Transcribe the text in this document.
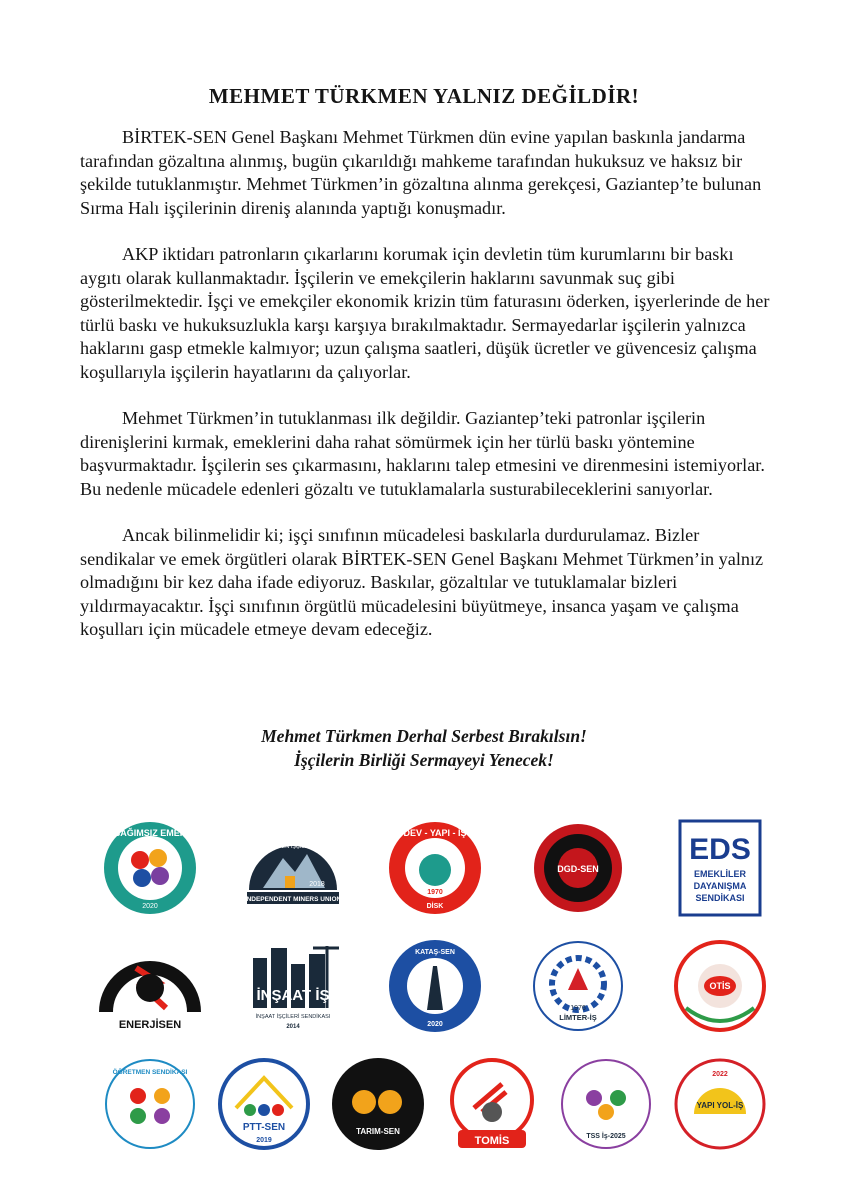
MEHMET TÜRKMEN YALNIZ DEĞİLDİR!

BİRTEK-SEN Genel Başkanı Mehmet Türkmen dün evine yapılan baskınla jandarma tarafından gözaltına alınmış, bugün çıkarıldığı mahkeme tarafından hukuksuz ve haksız bir şekilde tutuklanmıştır. Mehmet Türkmen’in gözaltına alınma gerekçesi, Gaziantep’te bulunan Sırma Halı işçilerinin direniş alanında yaptığı konuşmadır.

AKP iktidarı patronların çıkarlarını korumak için devletin tüm kurumlarını bir baskı aygıtı olarak kullanmaktadır. İşçilerin ve emekçilerin haklarını savunmak suç gibi gösterilmektedir. İşçi ve emekçiler ekonomik krizin tüm faturasını öderken, işyerlerinde de her türlü baskı ve hukuksuzlukla karşı karşıya bırakılmaktadır. Sermayedarlar işçilerin yalnızca haklarını gasp etmekle kalmıyor; uzun çalışma saatleri, düşük ücretler ve güvencesiz çalışma koşullarıyla işçilerin hayatlarını da çalıyorlar.

Mehmet Türkmen’in tutuklanması ilk değildir. Gaziantep’teki patronlar işçilerin direnişlerini kırmak, emeklerini daha rahat sömürmek için her türlü baskı yöntemine başvurmaktadır. İşçilerin ses çıkarmasını, haklarını talep etmesini ve direnmesini istemiyorlar. Bu nedenle mücadele edenleri gözaltı ve tutuklamalarla susturabileceklerini sanıyorlar.

Ancak bilinmelidir ki; işçi sınıfının mücadelesi baskılarla durdurulamaz. Bizler sendikalar ve emek örgütleri olarak BİRTEK-SEN Genel Başkanı Mehmet Türkmen’in yalnız olmadığını bir kez daha ifade ediyoruz. Baskılar, gözaltılar ve tutuklamalar bizleri yıldırmayacaktır. İşçi sınıfının örgütlü mücadelesini büyütmeye, insanca yaşam ve çalışma koşulları için mücadele etmeye devam edeceğiz.

Mehmet Türkmen Derhal Serbest Bırakılsın!
İşçilerin Birliği Sermayeyi Yenecek!
BAĞIMSIZ EMEK
2020
BAĞIMSIZ MADEN İŞÇİLERİ SENDİKASI
2018
INDEPENDENT MINERS UNION
DEV - YAPI - İŞ
1970
DİSK
DGD-SEN
EDS
EMEKLİLER
DAYANIŞMA
SENDİKASI
ENERJİSEN
İNŞAAT İŞ
İNŞAAT İŞÇİLERİ SENDİKASI
2014
KATAŞ-SEN
2020
1976
LİMTER-İŞ
OTİS
ÖĞRETMEN SENDİKASI
PTT-SEN
2019
TARIM-SEN
TOMİS	TSS İş-2025
2022
YAPI YOL-İŞ
